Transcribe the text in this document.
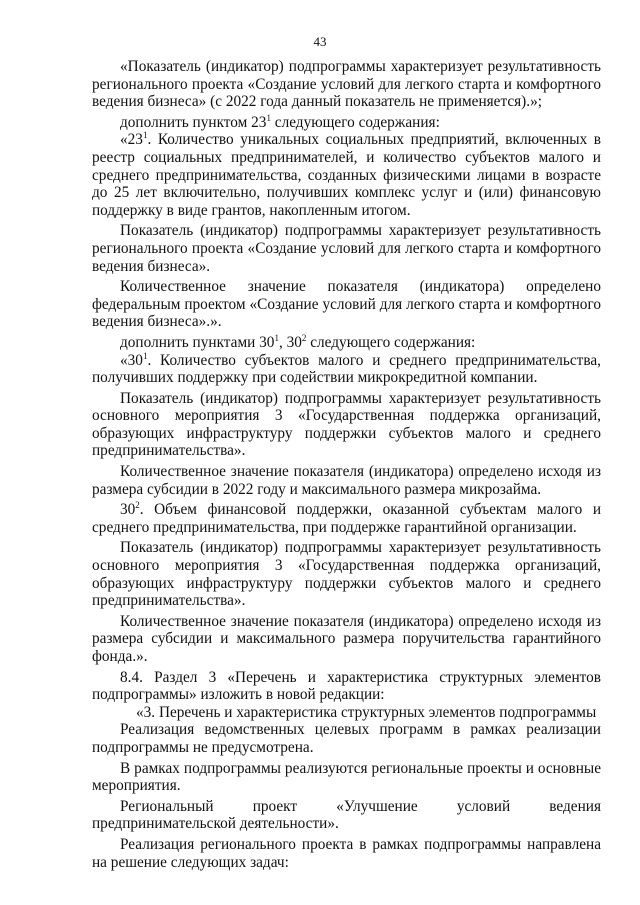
43

«Показатель (индикатор) подпрограммы характеризует результативность регионального проекта «Создание условий для легкого старта и комфортного ведения бизнеса» (с 2022 года данный показатель не применяется).»;

дополнить пунктом $23^1$ следующего содержания:

«$23^1$. Количество уникальных социальных предприятий, включенных в реестр социальных предпринимателей, и количество субъектов малого и среднего предпринимательства, созданных физическими лицами в возрасте до 25 лет включительно, получивших комплекс услуг и (или) финансовую поддержку в виде грантов, накопленным итогом.

Показатель (индикатор) подпрограммы характеризует результативность регионального проекта «Создание условий для легкого старта и комфортного ведения бизнеса».

Количественное значение показателя (индикатора) определено федеральным проектом «Создание условий для легкого старта и комфортного ведения бизнеса».».

дополнить пунктами $30^1$, $30^2$ следующего содержания:

«$30^1$. Количество субъектов малого и среднего предпринимательства, получивших поддержку при содействии микрокредитной компании.

Показатель (индикатор) подпрограммы характеризует результативность основного мероприятия 3 «Государственная поддержка организаций, образующих инфраструктуру поддержки субъектов малого и среднего предпринимательства».

Количественное значение показателя (индикатора) определено исходя из размера субсидии в 2022 году и максимального размера микрозайма.

$30^2$. Объем финансовой поддержки, оказанной субъектам малого и среднего предпринимательства, при поддержке гарантийной организации.

Показатель (индикатор) подпрограммы характеризует результативность основного мероприятия 3 «Государственная поддержка организаций, образующих инфраструктуру поддержки субъектов малого и среднего предпринимательства».

Количественное значение показателя (индикатора) определено исходя из размера субсидии и максимального размера поручительства гарантийного фонда.».

8.4. Раздел 3 «Перечень и характеристика структурных элементов подпрограммы» изложить в новой редакции:

«3. Перечень и характеристика структурных элементов подпрограммы

Реализация ведомственных целевых программ в рамках реализации подпрограммы не предусмотрена.

В рамках подпрограммы реализуются региональные проекты и основные мероприятия.

Региональный проект «Улучшение условий ведения предпринимательской деятельности».

Реализация регионального проекта в рамках подпрограммы направлена на решение следующих задач:
